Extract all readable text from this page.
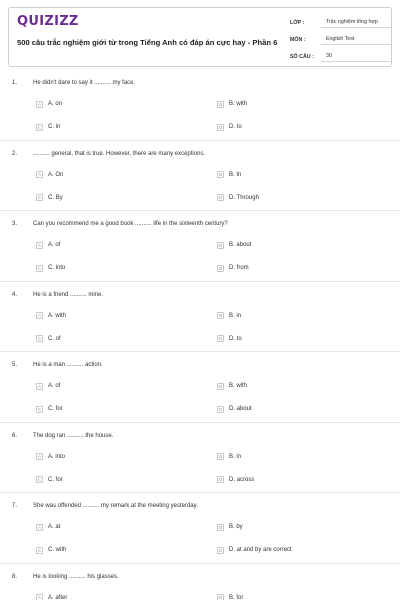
QUIZIZZ
500 câu trắc nghiệm giới từ trong Tiếng Anh có đáp án cực hay - Phần 6
LỚP :	Trắc nghiệm tổng hợp
MÔN :	English Test
SỐ CÂU :	30
1.	He didn't dare to say it .......... my face.
A	A. on	B	B. with
C	C. in	D	D. to
2.	.......... general, that is true. However, there are many exceptions.
A	A. On	B	B. In
C	C. By	D	D. Through
3.	Can you recommend me a good book .......... life in the sixteenth century?
A	A. of	B	B. about
C	C. into	D	D. from
4.	He is a friend .......... mine.
A	A. with	B	B. in
C	C. of	D	D. to
5.	He is a man .......... action.
A	A. of	B	B. with
C	C. for	D	D. about
6.	The dog ran .......... the house.
A	A. into	B	B. in
C	C. for	D	D. across
7.	She was offended .......... my remark at the meeting yesterday.
A	A. at	B	B. by
C	C. with	D	D. at and by are correct
8.	He is looking .......... his glasses.
A	A. after	B	B. for
